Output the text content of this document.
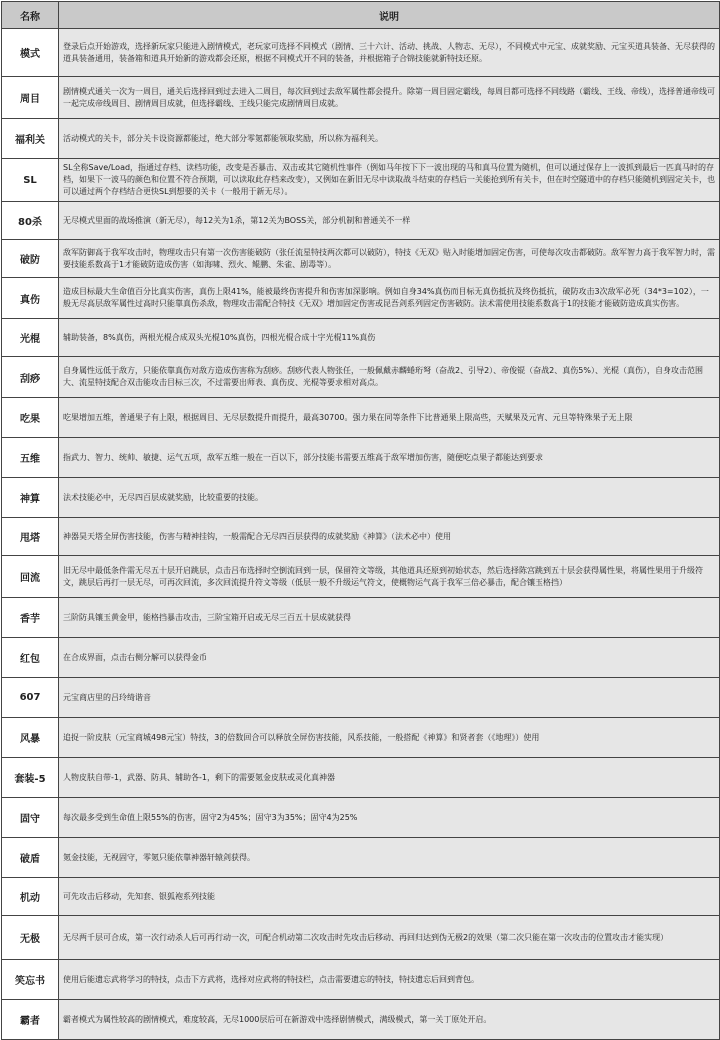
名称	说明
模式	登录后点开始游戏，选择新玩家只能进入剧情模式，老玩家可选择不同模式（剧情、三十六计、活动、挑战、人物志、无尽），不同模式中元宝、成就奖励、元宝买道具装备、无尽获得的道具装备通用，装备箱和道具开始新的游戏都会还原，根据不同模式开不同的装备，并根据箱子合锦技能就新特技还原。
周目	剧情模式通关一次为一周目，通关后选择回到过去进入二周目，每次回到过去敌军属性都会提升。除第一周目固定霸线，每周目都可选择不同线路（霸线、王线、帝线），选择普通帝线可一起完成帝线周目、剧情周目成就，但选择霸线、王线只能完成剧情周目成就。
福利关	活动模式的关卡，部分关卡设资源都能过，绝大部分零氪都能领取奖励，所以称为福利关。
SL	SL全称Save/Load，指通过存档、读档功能，改变是否暴击、双击或其它随机性事件（例如马年按下下一波出现的马和真马位置为随机，但可以通过保存上一波抓到最后一匹真马时的存档，如果下一波马的颜色和位置不符合预期，可以读取此存档来改变），又例如在新旧无尽中读取战斗结束的存档后一关能抢到所有关卡，但在时空隧道中的存档只能随机到固定关卡，也可以通过两个存档结合更快SL到想要的关卡（一般用于新无尽）。
80杀	无尽模式里面的战场推演（新无尽），每12关为1杀，第12关为BOSS关，部分机制和普通关不一样
破防	敌军防御高于我军攻击时，物理攻击只有第一次伤害能破防（张任流星特技两次都可以破防），特技《无双》贴入时能增加固定伤害，可使每次攻击都破防。敌军智力高于我军智力时，需要技能系数高于1才能破防造成伤害（如海啸、烈火、鲲鹏、朱雀、剧毒等）。
真伤	造成目标最大生命值百分比真实伤害，真伤上限41%，能被最终伤害提升和伤害加深影响。例如自身34%真伤而目标无真伤抵抗及终伤抵抗，破防攻击3次敌军必死（34*3=102），一般无尽高层敌军属性过高时只能靠真伤杀敌，物理攻击需配合特技《无双》增加固定伤害或昆吾剑系列固定伤害破防。法术需使用技能系数高于1的技能才能破防造成真实伤害。
光棍	辅助装备，8%真伤，两根光棍合成双头光棍10%真伤，四根光棍合成十字光棍11%真伤
刮痧	自身属性远低于敌方，只能依靠真伤对敌方造成伤害称为刮痧。刮痧代表人物张任，一般佩戴赤麟蜷珩弩（奋战2、引导2）、帝俊锟（奋战2、真伤5%）、光棍（真伤），自身攻击范围大、流星特技配合双击能攻击目标三次，不过需要出师表、真伤皮、光棍等要求相对高点。
吃果	吃果增加五维，普通果子有上限，根据周目、无尽层数提升而提升，最高30700。强力果在同等条件下比普通果上限高些，天赋果及元宵、元旦等特殊果子无上限
五维	指武力、智力、统帅、敏捷、运气五项，敌军五维一般在一百以下，部分技能书需要五维高于敌军增加伤害，随便吃点果子都能达到要求
神算	法术技能必中，无尽四百层成就奖励，比较重要的技能。
甩塔	神器昊天塔全屏伤害技能，伤害与精神挂钩，一般需配合无尽四百层获得的成就奖励《神算》（法术必中）使用
回流	旧无尽中最低条件需无尽五十层开启跳层，点击吕布选择时空倒流回到一层，保留符文等级，其他道具还原到初始状态，然后选择陈宫跳到五十层会获得属性果，将属性果用于升级符文，跳层后再打一层无尽，可再次回流，多次回流提升符文等级（低层一般不升级运气符文，使概物运气高于我军三倍必暴击，配合镶玉格挡）
香芋	三阶防具镶玉黄金甲，能格挡暴击攻击，三阶宝箱开启或无尽三百五十层成就获得
红包	在合成界面，点击右侧分解可以获得金币
607	元宝商店里的吕玲绮谐音
风暴	追捉一阶皮肤（元宝商城498元宝）特技，3的倍数回合可以释放全屏伤害技能，风系技能，一般搭配《神算》和贤者套（《地理》）使用
套装-5	人物皮肤自带-1，武器、防具、辅助各-1，剩下的需要氪金皮肤或灵化真神器
固守	每次最多受到生命值上限55%的伤害，固守2为45%；固守3为35%；固守4为25%
破盾	氪金技能，无视固守，零氪只能依靠神器轩辕剑获得。
机动	可先攻击后移动，先知套、银狐袍系列技能
无极	无尽两千层可合成，第一次行动杀人后可再行动一次，可配合机动第二次攻击时先攻击后移动、再回归达到伪无极2的效果（第二次只能在第一次攻击的位置攻击才能实现）
笑忘书	使用后能遗忘武将学习的特技，点击下方武将，选择对应武将的特技栏，点击需要遗忘的特技，特技遗忘后回到背包。
霸者	霸者模式为属性较高的剧情模式，难度较高，无尽1000层后可在新游戏中选择剧情模式，满级模式，第一关丁原处开启。
